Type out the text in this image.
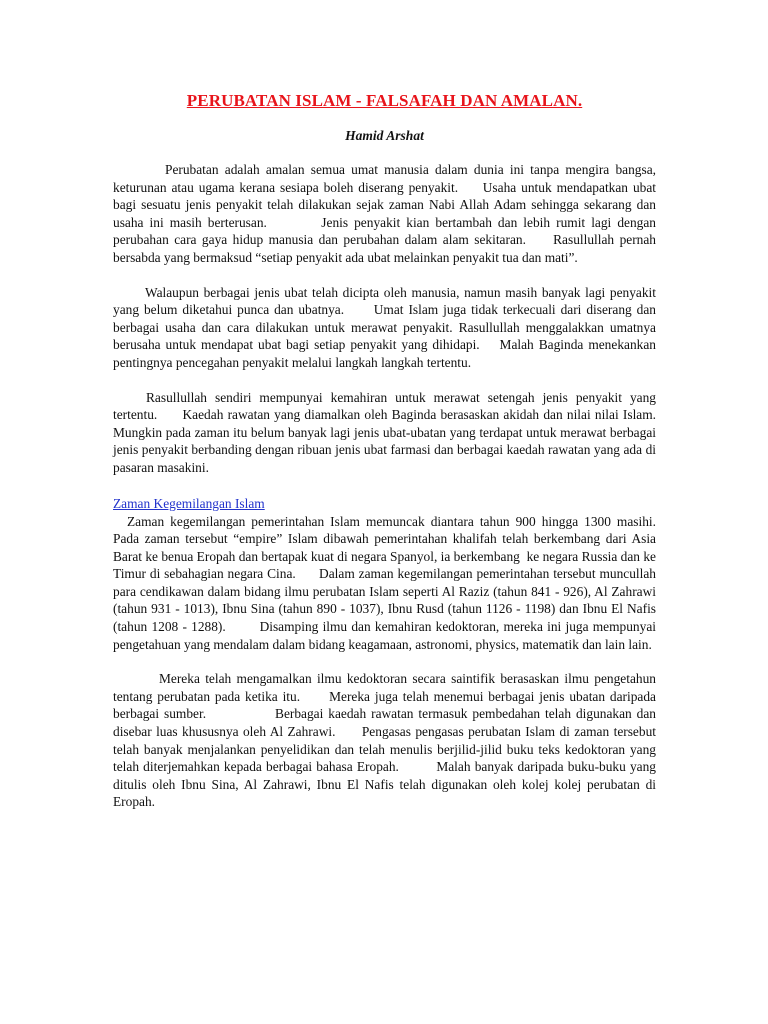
PERUBATAN ISLAM - FALSAFAH DAN AMALAN.
Hamid Arshat

Perubatan adalah amalan semua umat manusia dalam dunia ini tanpa mengira bangsa, keturunan atau ugama kerana sesiapa boleh diserang penyakit.     Usaha untuk mendapatkan ubat bagi sesuatu jenis penyakit telah dilakukan sejak zaman Nabi Allah Adam sehingga sekarang dan usaha ini masih berterusan.         Jenis penyakit kian bertambah dan lebih rumit lagi dengan perubahan cara gaya hidup manusia dan perubahan dalam alam sekitaran.     Rasullullah pernah bersabda yang bermaksud “setiap penyakit ada ubat melainkan penyakit tua dan mati”.

Walaupun berbagai jenis ubat telah dicipta oleh manusia, namun masih banyak lagi penyakit yang belum diketahui punca dan ubatnya.      Umat Islam juga tidak terkecuali dari diserang dan berbagai usaha dan cara dilakukan untuk merawat penyakit. Rasullullah menggalakkan umatnya berusaha untuk mendapat ubat bagi setiap penyakit yang dihidapi.    Malah Baginda menekankan pentingnya pencegahan penyakit melalui langkah langkah tertentu.

Rasullullah sendiri mempunyai kemahiran untuk merawat setengah jenis penyakit yang tertentu.      Kaedah rawatan yang diamalkan oleh Baginda berasaskan akidah dan nilai nilai Islam.      Mungkin pada zaman itu belum banyak lagi jenis ubat-ubatan yang terdapat untuk merawat berbagai jenis penyakit berbanding dengan ribuan jenis ubat farmasi dan berbagai kaedah rawatan yang ada di pasaran masakini.

Zaman Kegemilangan Islam

Zaman kegemilangan pemerintahan Islam memuncak diantara tahun 900 hingga 1300 masihi.      Pada zaman tersebut “empire” Islam dibawah pemerintahan khalifah telah berkembang dari Asia Barat ke benua Eropah dan bertapak kuat di negara Spanyol, ia berkembang  ke negara Russia dan ke Timur di sebahagian negara Cina.      Dalam zaman kegemilangan pemerintahan tersebut muncullah para cendikawan dalam bidang ilmu perubatan Islam seperti Al Raziz (tahun 841 - 926), Al Zahrawi (tahun 931 - 1013), Ibnu Sina (tahun 890 - 1037), Ibnu Rusd (tahun 1126 - 1198) dan Ibnu El Nafis (tahun 1208 - 1288).        Disamping ilmu dan kemahiran kedoktoran, mereka ini juga mempunyai pengetahuan yang mendalam dalam bidang keagamaan, astronomi, physics, matematik dan lain lain.

Mereka telah mengamalkan ilmu kedoktoran secara saintifik berasaskan ilmu pengetahun tentang perubatan pada ketika itu.      Mereka juga telah menemui berbagai jenis ubatan daripada berbagai sumber.              Berbagai kaedah rawatan termasuk pembedahan telah digunakan dan disebar luas khususnya oleh Al Zahrawi.      Pengasas pengasas perubatan Islam di zaman tersebut telah banyak menjalankan penyelidikan dan telah menulis berjilid-jilid buku teks kedoktoran yang telah diterjemahkan kepada berbagai bahasa Eropah.         Malah banyak daripada buku-buku yang ditulis oleh Ibnu Sina, Al Zahrawi, Ibnu El Nafis telah digunakan oleh kolej kolej perubatan di Eropah.
